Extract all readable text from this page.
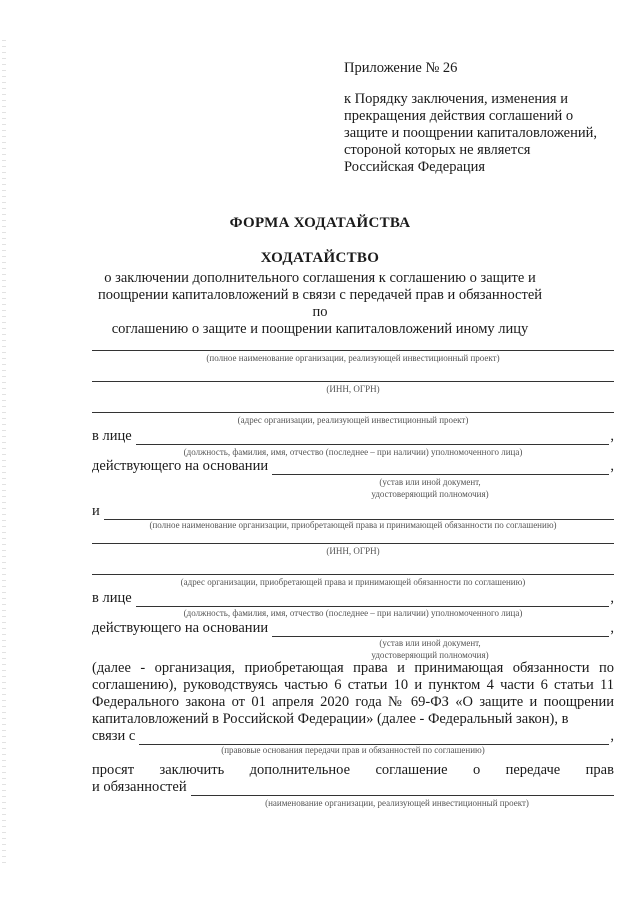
Приложение № 26
к Порядку заключения, изменения и
прекращения действия соглашений о
защите и поощрении капиталовложений,
стороной которых не является
Российская Федерация
ФОРМА ХОДАТАЙСТВА
ХОДАТАЙСТВО
о заключении дополнительного соглашения к соглашению о защите и
поощрении капиталовложений в связи с передачей прав и обязанностей по
соглашению о защите и поощрении капиталовложений иному лицу
(полное наименование организации, реализующей инвестиционный проект)
(ИНН, ОГРН)
(адрес организации, реализующей инвестиционный проект)
в лице	,
(должность, фамилия, имя, отчество (последнее – при наличии) уполномоченного лица)
действующего на основании	,
(устав или иной документ,
удостоверяющий полномочия)
и
(полное наименование организации, приобретающей права и принимающей обязанности по соглашению)
(ИНН, ОГРН)
(адрес организации, приобретающей права и принимающей обязанности по соглашению)
в лице	,
(должность, фамилия, имя, отчество (последнее – при наличии) уполномоченного лица)
действующего на основании	,
(устав или иной документ,
удостоверяющий полномочия)
(далее - организация, приобретающая права и принимающая обязанности по соглашению), руководствуясь частью 6 статьи 10 и пунктом 4 части 6 статьи 11 Федерального закона от 01 апреля 2020 года № 69-ФЗ «О защите и поощрении капиталовложений в Российской Федерации» (далее - Федеральный закон), в
связи с	,
(правовые основания передачи прав и обязанностей по соглашению)
просят заключить дополнительное соглашение о передаче прав
и обязанностей
(наименование организации, реализующей инвестиционный проект)
